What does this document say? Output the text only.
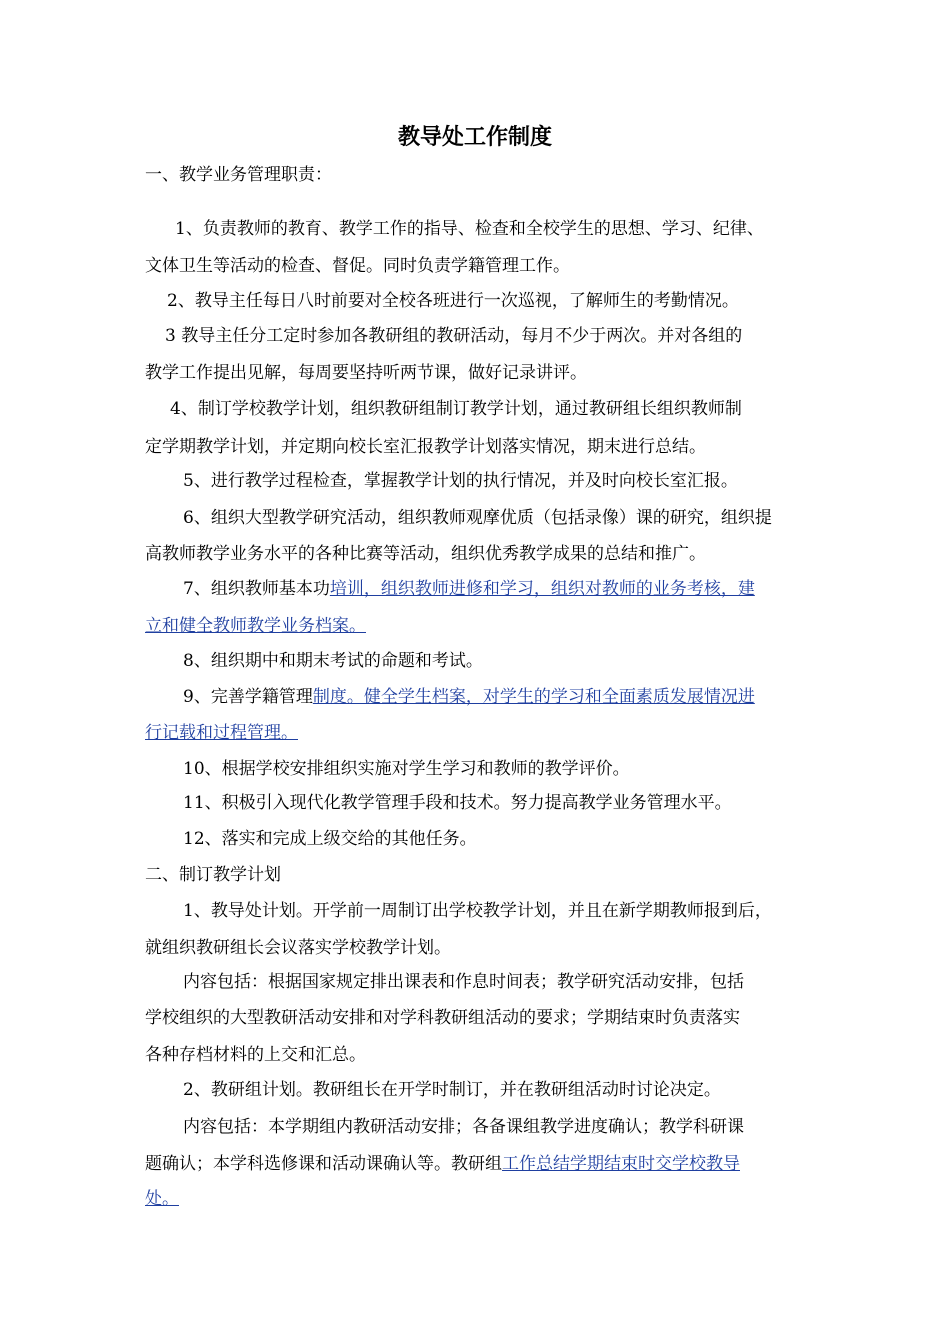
教导处工作制度
一、教学业务管理职责：
1、负责教师的教育、教学工作的指导、检查和全校学生的思想、学习、纪律、
文体卫生等活动的检查、督促。同时负责学籍管理工作。
2、教导主任每日八时前要对全校各班进行一次巡视，了解师生的考勤情况。
3 教导主任分工定时参加各教研组的教研活动，每月不少于两次。并对各组的
教学工作提出见解，每周要坚持听两节课，做好记录讲评。
4、制订学校教学计划，组织教研组制订教学计划，通过教研组长组织教师制
定学期教学计划，并定期向校长室汇报教学计划落实情况，期末进行总结。
5、进行教学过程检查，掌握教学计划的执行情况，并及时向校长室汇报。
6、组织大型教学研究活动，组织教师观摩优质（包括录像）课的研究，组织提
高教师教学业务水平的各种比赛等活动，组织优秀教学成果的总结和推广。
7、组织教师基本功培训，组织教师进修和学习，组织对教师的业务考核，建
立和健全教师教学业务档案。
8、组织期中和期末考试的命题和考试。
9、完善学籍管理制度。健全学生档案，对学生的学习和全面素质发展情况进
行记载和过程管理。
10、根据学校安排组织实施对学生学习和教师的教学评价。
11、积极引入现代化教学管理手段和技术。努力提高教学业务管理水平。
12、落实和完成上级交给的其他任务。
二、制订教学计划
1、教导处计划。开学前一周制订出学校教学计划，并且在新学期教师报到后，
就组织教研组长会议落实学校教学计划。
内容包括：根据国家规定排出课表和作息时间表；教学研究活动安排，包括
学校组织的大型教研活动安排和对学科教研组活动的要求；学期结束时负责落实
各种存档材料的上交和汇总。
2、教研组计划。教研组长在开学时制订，并在教研组活动时讨论决定。
内容包括：本学期组内教研活动安排；各备课组教学进度确认；教学科研课
题确认；本学科选修课和活动课确认等。教研组工作总结学期结束时交学校教导
处。
